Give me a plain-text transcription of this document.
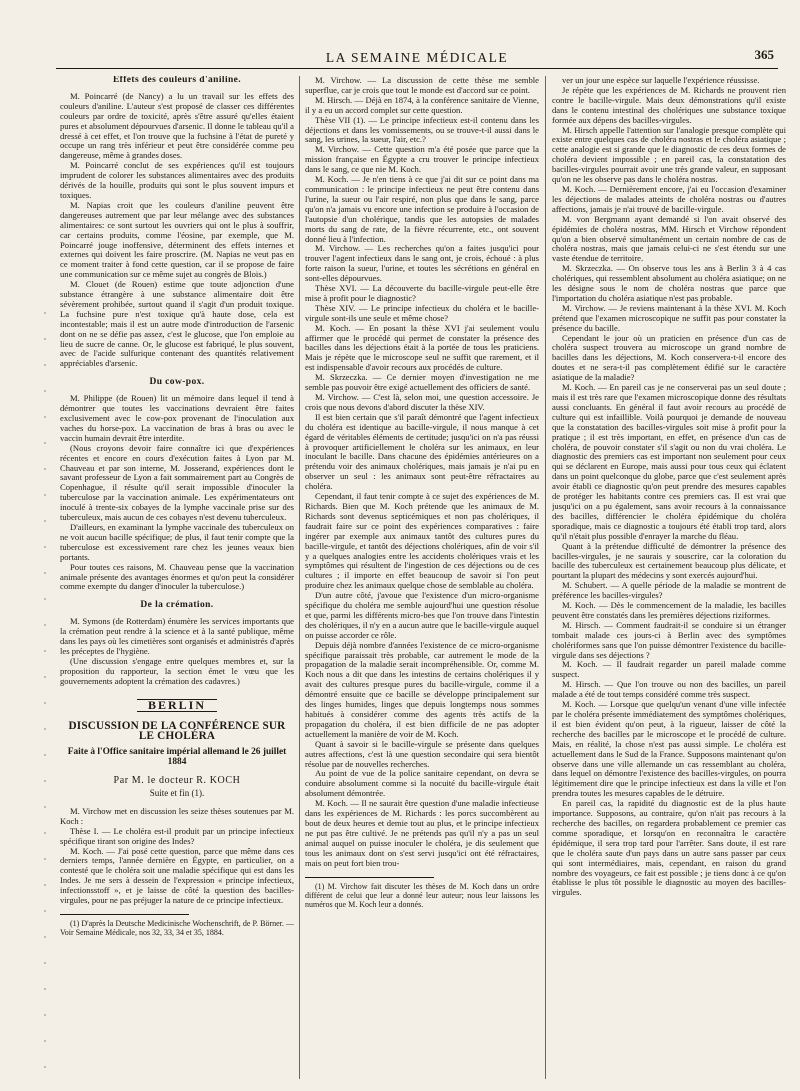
LA SEMAINE MÉDICALE	365
Effets des couleurs d'aniline.

M. Poincarré (de Nancy) a lu un travail sur les effets des couleurs d'aniline. L'auteur s'est proposé de classer ces différentes couleurs par ordre de toxicité, après s'être assuré qu'elles étaient pures et absolument dépourvues d'arsenic. Il donne le tableau qu'il a dressé à cet effet, et l'on trouve que la fuchsine à l'état de pureté y occupe un rang très inférieur et peut être considérée comme peu dangereuse, même à grandes doses.

M. Poincarré conclut de ses expériences qu'il est toujours imprudent de colorer les substances alimentaires avec des produits dérivés de la houille, produits qui sont le plus souvent impurs et toxiques.

M. Napias croit que les couleurs d'aniline peuvent être dangereuses autrement que par leur mélange avec des substances alimentaires: ce sont surtout les ouvriers qui ont le plus à souffrir, car certains produits, comme l'éosine, par exemple, que M. Poincarré jouge inoffensive, déterminent des effets internes et externes qui doivent les faire proscrire. (M. Napias ne veut pas en ce moment traiter à fond cette question, car il se propose de faire une communication sur ce même sujet au congrès de Blois.)

M. Clouet (de Rouen) estime que toute adjonction d'une substance étrangère à une substance alimentaire doit être sévèrement prohibée, surtout quand il s'agit d'un produit toxique. La fuchsine pure n'est toxique qu'à haute dose, cela est incontestable; mais il est un autre mode d'introduction de l'arsenic dont on ne se défie pas assez, c'est le glucose, que l'on emploie au lieu de sucre de canne. Or, le glucose est fabriqué, le plus souvent, avec de l'acide sulfurique contenant des quantités relativement appréciables d'arsenic.

Du cow-pox.

M. Philippe (de Rouen) lit un mémoire dans lequel il tend à démontrer que toutes les vaccinations devraient être faites exclusivement avec le cow-pox provenant de l'inoculation aux vaches du horse-pox. La vaccination de bras à bras ou avec le vaccin humain devrait être interdite.

(Nous croyons devoir faire connaître ici que d'expériences récentes et encore en cours d'exécution faites à Lyon par M. Chauveau et par son interne, M. Josserand, expériences dont le savant professeur de Lyon a fait sommairement part au Congrès de Copenhague, il résulte qu'il serait impossible d'inoculer la tuberculose par la vaccination animale. Les expérimentateurs ont inoculé à trente-six cobayes de la lymphe vaccinale prise sur des tuberculeux, mais aucun de ces cobayes n'est devenu tuberculeux.

D'ailleurs, en examinant la lymphe vaccinale des tuberculeux on ne voit aucun bacille spécifique; de plus, il faut tenir compte que la tuberculose est excessivement rare chez les jeunes veaux bien portants.

Pour toutes ces raisons, M. Chauveau pense que la vaccination animale présente des avantages énormes et qu'on peut la considérer comme exempte du danger d'inoculer la tuberculose.)

De la crémation.

M. Symons (de Rotterdam) énumère les services importants que la crémation peut rendre à la science et à la santé publique, même dans les pays où les cimetières sont organisés et administrés d'après les préceptes de l'hygiène.

(Une discussion s'engage entre quelques membres et, sur la proposition du rapporteur, la section émet le vœu que les gouvernements adoptent la crémation des cadavres.)

BERLIN
DISCUSSION DE LA CONFÉRENCE SUR LE CHOLÉRA
Faite à l'Office sanitaire impérial allemand le 26 juillet 1884
Par M. le docteur R. KOCH
Suite et fin (1).

M. Virchow met en discussion les seize thèses soutenues par M. Koch :

Thèse I. — Le choléra est-il produit par un principe infectieux spécifique tirant son origine des Indes?

M. Koch. — J'ai posé cette question, parce que même dans ces derniers temps, l'année dernière en Égypte, en particulier, on a contesté que le choléra soit une maladie spécifique qui est dans les Indes. Je me sers à dessein de l'expression « principe infectieux, infectionsstoff », et je laisse de côté la question des bacilles-virgules, pour ne pas préjuger la nature de ce principe infectieux.

(1) D'après la Deutsche Medicinische Wochenschrift, de P. Börner. — Voir Semaine Médicale, nos 32, 33, 34 et 35, 1884.

M. Virchow. — La discussion de cette thèse me semble superflue, car je crois que tout le monde est d'accord sur ce point.

M. Hirsch. — Déjà en 1874, à la conférence sanitaire de Vienne, il y a eu un accord complet sur cette question.

Thèse VII (1). — Le principe infectieux est-il contenu dans les déjections et dans les vomissements, ou se trouve-t-il aussi dans le sang, les urines, la sueur, l'air, etc.?

M. Virchow. — Cette question m'a été posée que parce que la mission française en Égypte a cru trouver le principe infectieux dans le sang, ce que nie M. Koch.

M. Koch. — Je n'en tiens à ce que j'ai dit sur ce point dans ma communication : le principe infectieux ne peut être contenu dans l'urine, la sueur ou l'air respiré, non plus que dans le sang, parce qu'on n'a jamais vu encore une infection se produire à l'occasion de l'autopsie d'un cholérique, tandis que les autopsies de malades morts du sang de rate, de la fièvre récurrente, etc., ont souvent donné lieu à l'infection.

M. Virchow. — Les recherches qu'on a faites jusqu'ici pour trouver l'agent infectieux dans le sang ont, je crois, échoué : à plus forte raison la sueur, l'urine, et toutes les sécrétions en général en sont-elles dépourvues.

Thèse XVI. — La découverte du bacille-virgule peut-elle être mise à profit pour le diagnostic?

Thèse XIV. — Le principe infectieux du choléra et le bacille-virgule sont-ils une seule et même chose?

M. Koch. — En posant la thèse XVI j'ai seulement voulu affirmer que le procédé qui permet de constater la présence des bacilles dans les déjections était à la portée de tous les praticiens. Mais je répète que le microscope seul ne suffit que rarement, et il est indispensable d'avoir recours aux procédés de culture.

M. Skrzeczka. — Ce dernier moyen d'investigation ne me semble pas pouvoir être exigé actuellement des officiers de santé.

M. Virchow. — C'est là, selon moi, une question accessoire. Je crois que nous devons d'abord discuter la thèse XIV.

Il est bien certain que s'il paraît démontré que l'agent infectieux du choléra est identique au bacille-virgule, il nous manque à cet égard de véritables éléments de certitude; jusqu'ici on n'a pas réussi à provoquer artificiellement le choléra sur les animaux, en leur inoculant le bacille. Dans chacune des épidémies antérieures on a prétendu voir des animaux cholériques, mais jamais je n'ai pu en observer un seul : les animaux sont peut-être réfractaires au choléra.

Cependant, il faut tenir compte à ce sujet des expériences de M. Richards. Bien que M. Koch prétende que les animaux de M. Richards sont devenus septicémiques et non pas cholériques, il faudrait faire sur ce point des expériences comparatives : faire ingérer par exemple aux animaux tantôt des cultures pures du bacille-virgule, et tantôt des déjections cholériques, afin de voir s'il y a quelques analogies entre les accidents cholériques vrais et les symptômes qui résultent de l'ingestion de ces déjections ou de ces cultures ; il importe en effet beaucoup de savoir si l'on peut produire chez les animaux quelque chose de semblable au choléra.

D'un autre côté, j'avoue que l'existence d'un micro-organisme spécifique du choléra me semble aujourd'hui une question résolue et que, parmi les différents micro-bes que l'on trouve dans l'intestin des cholériques, il n'y en a aucun autre que le bacille-virgule auquel on puisse accorder ce rôle.

Depuis déjà nombre d'années l'existence de ce micro-organisme spécifique paraissait très probable, car autrement le mode de la propagation de la maladie serait incompréhensible. Or, comme M. Koch nous a dit que dans les intestins de certains cholériques il y avait des cultures presque pures du bacille-virgule, comme il a démontré ensuite que ce bacille se développe principalement sur des linges humides, linges que depuis longtemps nous sommes habitués à considérer comme des agents très actifs de la propagation du choléra, il est bien difficile de ne pas adopter actuellement la manière de voir de M. Koch.

Quant à savoir si le bacille-virgule se présente dans quelques autres affections, c'est là une question secondaire qui sera bientôt résolue par de nouvelles recherches.

Au point de vue de la police sanitaire cependant, on devra se conduire absolument comme si la nocuité du bacille-virgule était absolument démontrée.

M. Koch. — Il ne saurait être question d'une maladie infectieuse dans les expériences de M. Richards : les porcs succombèrent au bout de deux heures et demie tout au plus, et le principe infectieux ne put pas être cultivé. Je ne prétends pas qu'il n'y a pas un seul animal auquel on puisse inoculer le choléra, je dis seulement que tous les animaux dont on s'est servi jusqu'ici ont été réfractaires, mais on peut fort bien trou-

(1) M. Virchow fait discuter les thèses de M. Koch dans un ordre différent de celui que leur a donné leur auteur; nous leur laissons les numéros que M. Koch leur a donnés.

ver un jour une espèce sur laquelle l'expérience réussisse.

Je répète que les expériences de M. Richards ne prouvent rien contre le bacille-virgule. Mais deux démonstrations qu'il existe dans le contenu intestinal des cholériques une substance toxique formée aux dépens des bacilles-virgules.

M. Hirsch appelle l'attention sur l'analogie presque complète qui existe entre quelques cas de choléra nostras et le choléra asiatique ; cette analogie est si grande que le diagnostic de ces deux formes de choléra devient impossible ; en pareil cas, la constatation des bacilles-virgules pourrait avoir une très grande valeur, en supposant qu'on ne les observe pas dans le choléra nostras.

M. Koch. — Dernièrement encore, j'ai eu l'occasion d'examiner les déjections de malades atteints de choléra nostras ou d'autres affections, jamais je n'ai trouvé de bacille-virgule.

M. von Bergmann ayant demandé si l'on avait observé des épidémies de choléra nostras, MM. Hirsch et Virchow répondent qu'on a bien observé simultanément un certain nombre de cas de choléra nostras, mais que jamais celui-ci ne s'est étendu sur une vaste étendue de territoire.

M. Skrzeczka. — On observe tous les ans à Berlin 3 à 4 cas cholériques, qui ressemblent absolument au choléra asiatique; on ne les désigne sous le nom de choléra nostras que parce que l'importation du choléra asiatique n'est pas probable.

M. Virchow. — Je reviens maintenant à la thèse XVI. M. Koch prétend que l'examen microscopique ne suffit pas pour constater la présence du bacille.

Cependant le jour où un praticien en présence d'un cas de choléra suspect trouvera au microscope un grand nombre de bacilles dans les déjections, M. Koch conservera-t-il encore des doutes et ne sera-t-il pas complètement édifié sur le caractère asiatique de la maladie?

M. Koch. — En pareil cas je ne conserverai pas un seul doute ; mais il est très rare que l'examen microscopique donne des résultats aussi concluants. En général il faut avoir recours au procédé de culture qui est infaillible. Voilà pourquoi je demande de nouveau que la constatation des bacilles-virgules soit mise à profit pour la pratique ; il est très important, en effet, en présence d'un cas de choléra, de pouvoir constater s'il s'agit ou non du vrai choléra. Le diagnostic des premiers cas est important non seulement pour ceux qui se déclarent en Europe, mais aussi pour tous ceux qui éclatent dans un point quelconque du globe, parce que c'est seulement après avoir établi ce diagnostic qu'on peut prendre des mesures capables de protéger les habitants contre ces premiers cas. Il est vrai que jusqu'ici on a pu également, sans avoir recours à la connaissance des bacilles, différencier le choléra épidémique du choléra sporadique, mais ce diagnostic a toujours été établi trop tard, alors qu'il n'était plus possible d'enrayer la marche du fléau.

Quant à la prétendue difficulté de démontrer la présence des bacilles-virgules, je ne saurais y souscrire, car la coloration du bacille des tuberculeux est certainement beaucoup plus délicate, et pourtant la plupart des médecins y sont exercés aujourd'hui.

M. Schubert. — A quelle période de la maladie se montrent de préférence les bacilles-virgules?

M. Koch. — Dès le commencement de la maladie, les bacilles peuvent être constatés dans les premières déjections riziformes.

M. Hirsch. — Comment faudrait-il se conduire si un étranger tombait malade ces jours-ci à Berlin avec des symptômes cholériformes sans que l'on puisse démontrer l'existence du bacille-virgule dans ses déjections ?

M. Koch. — Il faudrait regarder un pareil malade comme suspect.

M. Hirsch. — Que l'on trouve ou non des bacilles, un pareil malade a été de tout temps considéré comme très suspect.

M. Koch. — Lorsque que quelqu'un venant d'une ville infectée par le choléra présente immédiatement des symptômes cholériques, il est bien évident qu'on peut, à la rigueur, laisser de côté la recherche des bacilles par le microscope et le procédé de culture. Mais, en réalité, la chose n'est pas aussi simple. Le choléra est actuellement dans le Sud de la France. Supposons maintenant qu'on observe dans une ville allemande un cas ressemblant au choléra, dans lequel on démontre l'existence des bacilles-virgules, on pourra légitimement dire que le principe infectieux est dans la ville et l'on prendra toutes les mesures capables de le détruire.

En pareil cas, la rapidité du diagnostic est de la plus haute importance. Supposons, au contraire, qu'on n'ait pas recours à la recherche des bacilles, on regardera probablement ce premier cas comme sporadique, et lorsqu'on en reconnaîtra le caractère épidémique, il sera trop tard pour l'arrêter. Sans doute, il est rare que le choléra saute d'un pays dans un autre sans passer par ceux qui sont intermédiaires, mais, cependant, en raison du grand nombre des voyageurs, ce fait est possible ; je tiens donc à ce qu'on établisse le plus tôt possible le diagnostic au moyen des bacilles-virgules.
